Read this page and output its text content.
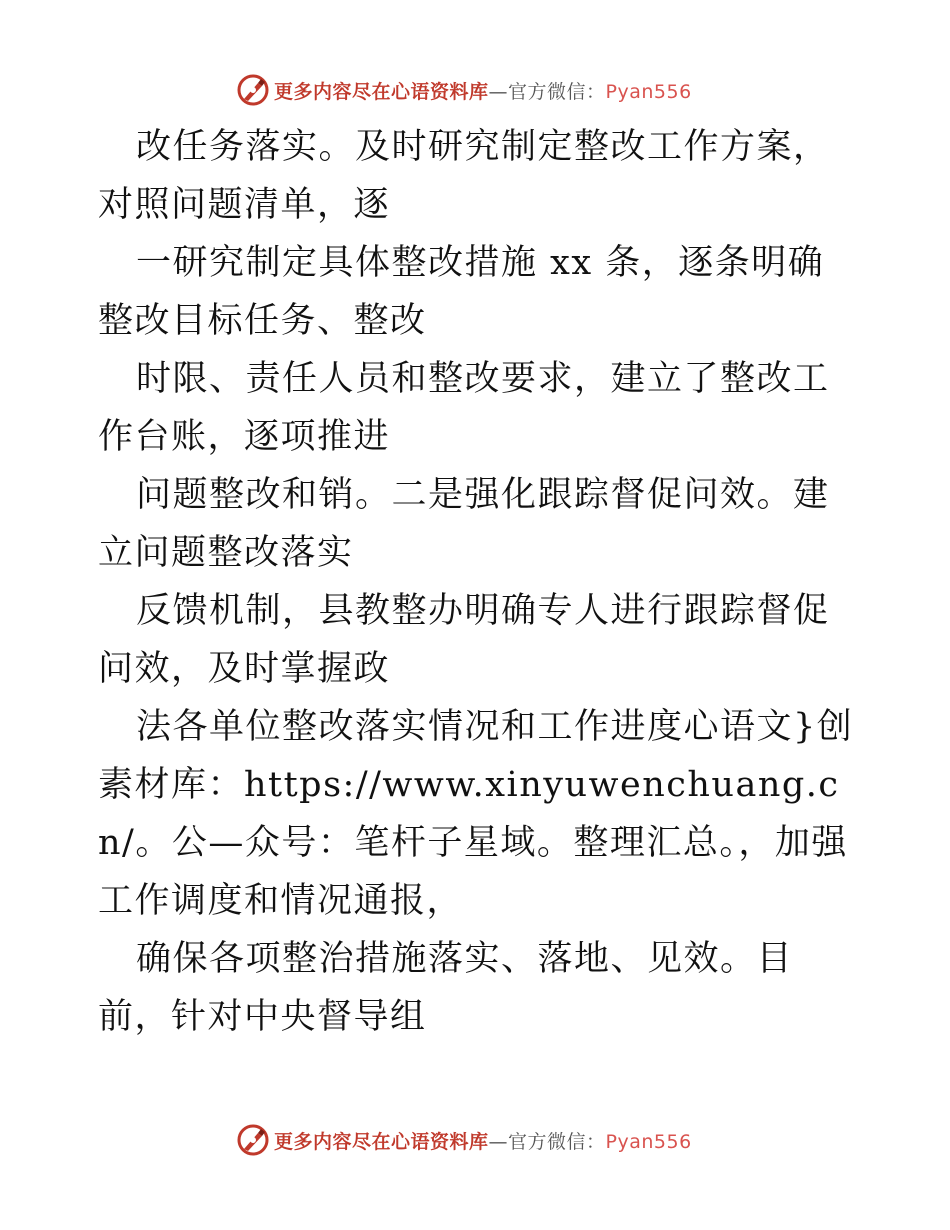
更多内容尽在心语资料库—官方微信：Pyan556

改任务落实。及时研究制定整改工作方案，对照问题清单，逐

一研究制定具体整改措施 xx 条，逐条明确整改目标任务、整改

时限、责任人员和整改要求，建立了整改工作台账，逐项推进

问题整改和销。二是强化跟踪督促问效。建立问题整改落实

反馈机制，县教整办明确专人进行跟踪督促问效，及时掌握政

法各单位整改落实情况和工作进度心语文}创素材库：https://www.xinyuwenchuang.cn/。公—众号：笔杆子星域。整理汇总。，加强工作调度和情况通报，

确保各项整治措施落实、落地、见效。目前，针对中央督导组

更多内容尽在心语资料库—官方微信：Pyan556
